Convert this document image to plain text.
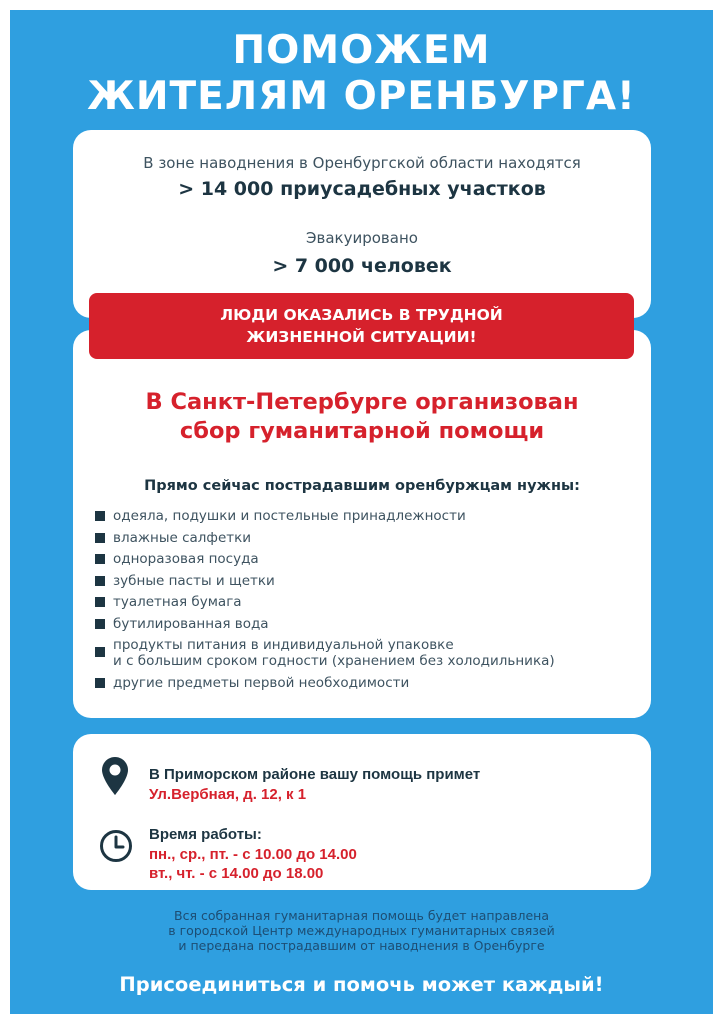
ПОМОЖЕМ
ЖИТЕЛЯМ ОРЕНБУРГА!
В зоне наводнения в Оренбургской области находятся
> 14 000 приусадебных участков
Эвакуировано
> 7 000 человек
В Санкт-Петербурге организован
сбор гуманитарной помощи
Прямо сейчас пострадавшим оренбуржцам нужны:
одеяла, подушки и постельные принадлежности
влажные салфетки
одноразовая посуда
зубные пасты и щетки
туалетная бумага
бутилированная вода
продукты питания в индивидуальной упаковке
и с большим сроком годности (хранением без холодильника)
другие предметы первой необходимости
ЛЮДИ ОКАЗАЛИСЬ В ТРУДНОЙ
ЖИЗНЕННОЙ СИТУАЦИИ!
В Приморском районе вашу помощь примет
Ул.Вербная, д. 12, к 1
Время работы:
пн., ср., пт. - с 10.00 до 14.00
вт., чт. - с 14.00 до 18.00
Вся собранная гуманитарная помощь будет направлена
в городской Центр международных гуманитарных связей
и передана пострадавшим от наводнения в Оренбурге
Присоединиться и помочь может каждый!
